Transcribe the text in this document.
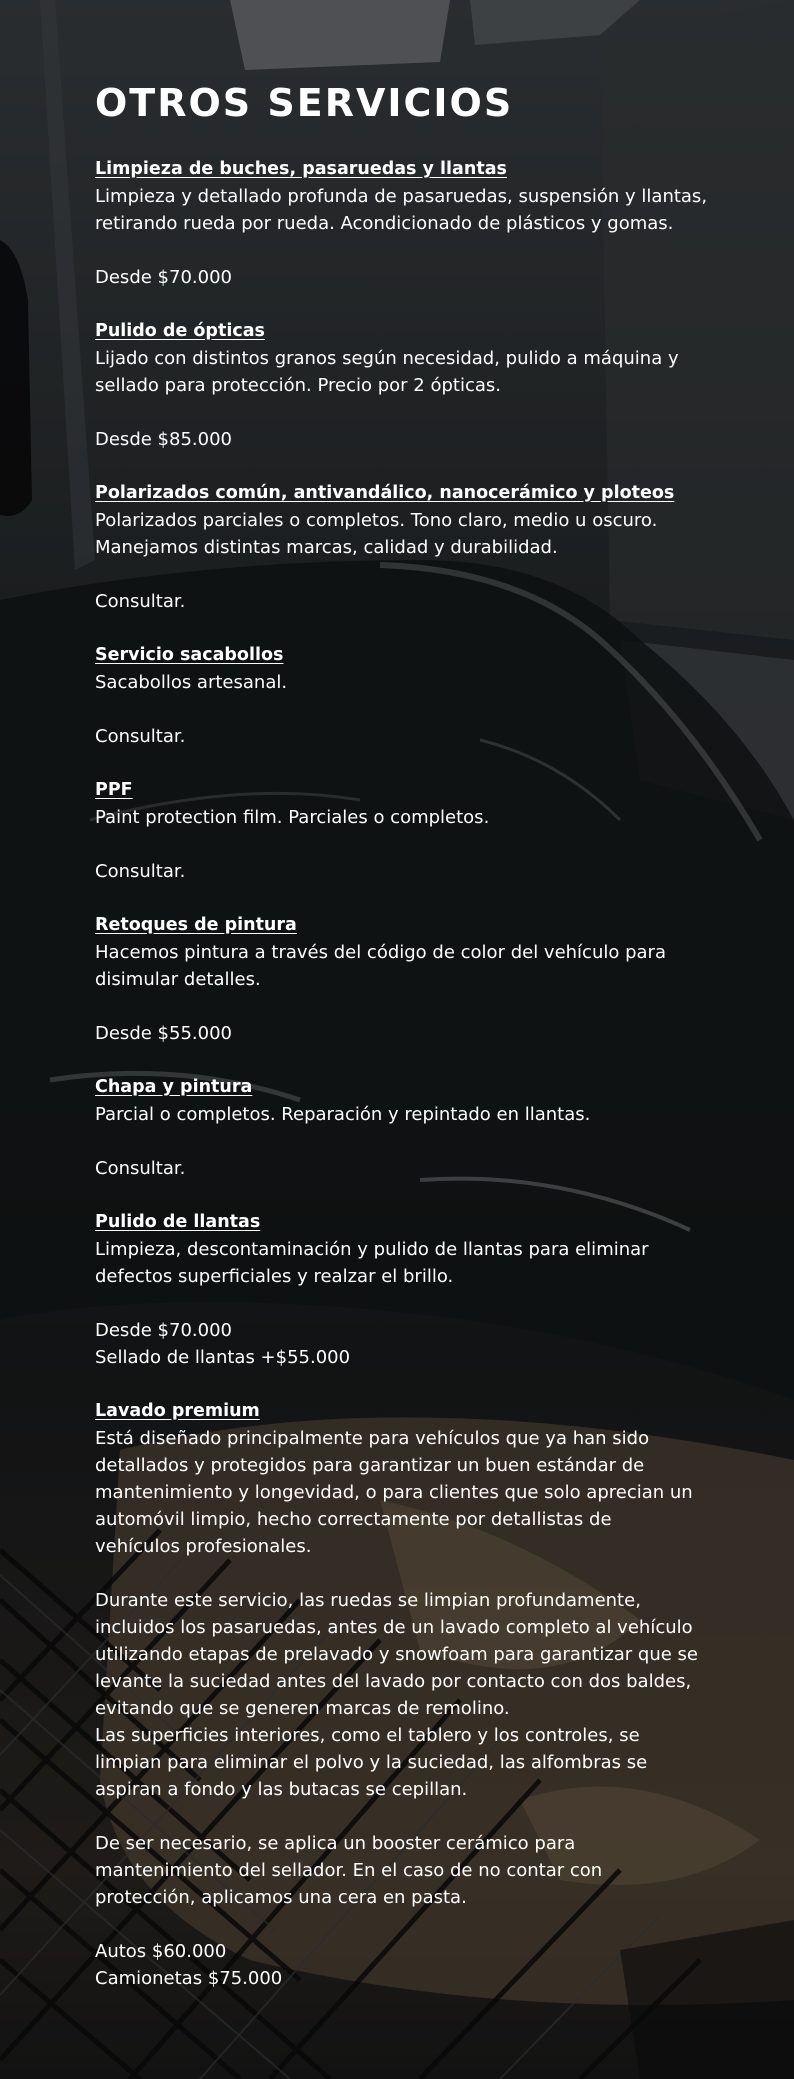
OTROS SERVICIOS
Limpieza de buches, pasaruedas y llantas
Limpieza y detallado profunda de pasaruedas, suspensión y llantas,
retirando rueda por rueda. Acondicionado de plásticos y gomas.
Desde $70.000
Pulido de ópticas
Lijado con distintos granos según necesidad, pulido a máquina y
sellado para protección. Precio por 2 ópticas.
Desde $85.000
Polarizados común, antivandálico, nanocerámico y ploteos
Polarizados parciales o completos. Tono claro, medio u oscuro.
Manejamos distintas marcas, calidad y durabilidad.
Consultar.
Servicio sacabollos
Sacabollos artesanal.
Consultar.
PPF
Paint protection film. Parciales o completos.
Consultar.
Retoques de pintura
Hacemos pintura a través del código de color del vehículo para
disimular detalles.
Desde $55.000
Chapa y pintura
Parcial o completos. Reparación y repintado en llantas.
Consultar.
Pulido de llantas
Limpieza, descontaminación y pulido de llantas para eliminar
defectos superficiales y realzar el brillo.
Desde $70.000
Sellado de llantas +$55.000
Lavado premium
Está diseñado principalmente para vehículos que ya han sido
detallados y protegidos para garantizar un buen estándar de
mantenimiento y longevidad, o para clientes que solo aprecian un
automóvil limpio, hecho correctamente por detallistas de
vehículos profesionales.
Durante este servicio, las ruedas se limpian profundamente,
incluidos los pasaruedas, antes de un lavado completo al vehículo
utilizando etapas de prelavado y snowfoam para garantizar que se
levante la suciedad antes del lavado por contacto con dos baldes,
evitando que se generen marcas de remolino.
Las superficies interiores, como el tablero y los controles, se
limpian para eliminar el polvo y la suciedad, las alfombras se
aspiran a fondo y las butacas se cepillan.
De ser necesario, se aplica un booster cerámico para
mantenimiento del sellador. En el caso de no contar con
protección, aplicamos una cera en pasta.
Autos $60.000
Camionetas $75.000
